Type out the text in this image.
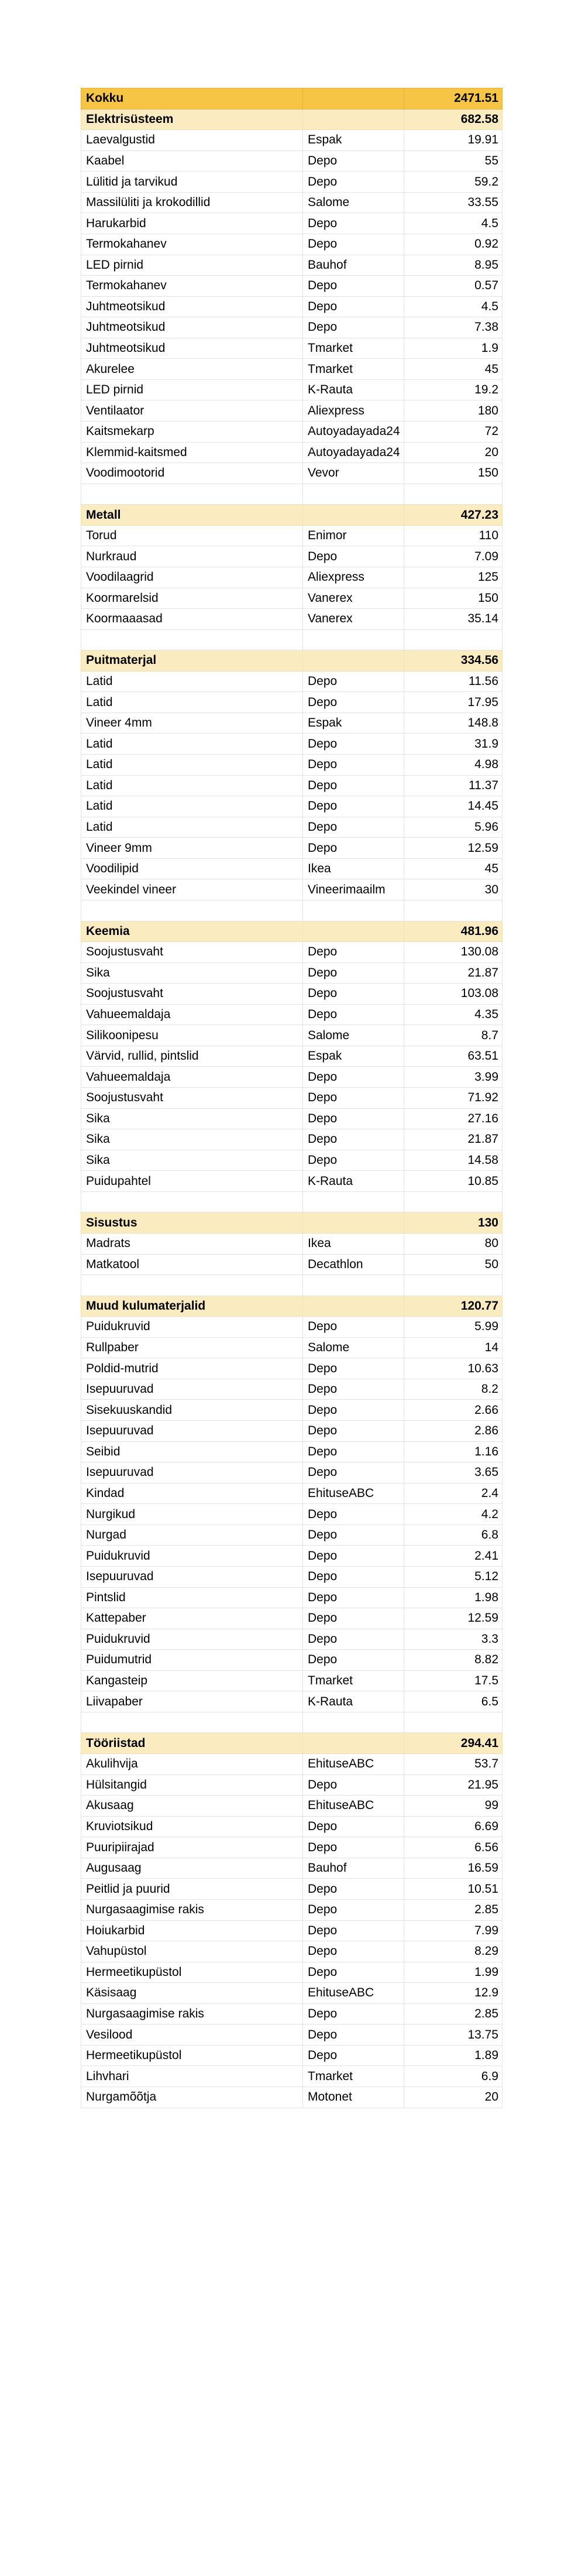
Kokku		2471.51
Elektrisüsteem		682.58
Laevalgustid	Espak	19.91
Kaabel	Depo	55
Lülitid ja tarvikud	Depo	59.2
Massilüliti ja krokodillid	Salome	33.55
Harukarbid	Depo	4.5
Termokahanev	Depo	0.92
LED pirnid	Bauhof	8.95
Termokahanev	Depo	0.57
Juhtmeotsikud	Depo	4.5
Juhtmeotsikud	Depo	7.38
Juhtmeotsikud	Tmarket	1.9
Akurelee	Tmarket	45
LED pirnid	K-Rauta	19.2
Ventilaator	Aliexpress	180
Kaitsmekarp	Autoyadayada24	72
Klemmid-kaitsmed	Autoyadayada24	20
Voodimootorid	Vevor	150

Metall		427.23
Torud	Enimor	110
Nurkraud	Depo	7.09
Voodilaagrid	Aliexpress	125
Koormarelsid	Vanerex	150
Koormaaasad	Vanerex	35.14

Puitmaterjal		334.56
Latid	Depo	11.56
Latid	Depo	17.95
Vineer 4mm	Espak	148.8
Latid	Depo	31.9
Latid	Depo	4.98
Latid	Depo	11.37
Latid	Depo	14.45
Latid	Depo	5.96
Vineer 9mm	Depo	12.59
Voodilipid	Ikea	45
Veekindel vineer	Vineerimaailm	30

Keemia		481.96
Soojustusvaht	Depo	130.08
Sika	Depo	21.87
Soojustusvaht	Depo	103.08
Vahueemaldaja	Depo	4.35
Silikoonipesu	Salome	8.7
Värvid, rullid, pintslid	Espak	63.51
Vahueemaldaja	Depo	3.99
Soojustusvaht	Depo	71.92
Sika	Depo	27.16
Sika	Depo	21.87
Sika	Depo	14.58
Puidupahtel	K-Rauta	10.85

Sisustus		130
Madrats	Ikea	80
Matkatool	Decathlon	50

Muud kulumaterjalid		120.77
Puidukruvid	Depo	5.99
Rullpaber	Salome	14
Poldid-mutrid	Depo	10.63
Isepuuruvad	Depo	8.2
Sisekuuskandid	Depo	2.66
Isepuuruvad	Depo	2.86
Seibid	Depo	1.16
Isepuuruvad	Depo	3.65
Kindad	EhituseABC	2.4
Nurgikud	Depo	4.2
Nurgad	Depo	6.8
Puidukruvid	Depo	2.41
Isepuuruvad	Depo	5.12
Pintslid	Depo	1.98
Kattepaber	Depo	12.59
Puidukruvid	Depo	3.3
Puidumutrid	Depo	8.82
Kangasteip	Tmarket	17.5
Liivapaber	K-Rauta	6.5

Tööriistad		294.41
Akulihvija	EhituseABC	53.7
Hülsitangid	Depo	21.95
Akusaag	EhituseABC	99
Kruviotsikud	Depo	6.69
Puuripiirajad	Depo	6.56
Augusaag	Bauhof	16.59
Peitlid ja puurid	Depo	10.51
Nurgasaagimise rakis	Depo	2.85
Hoiukarbid	Depo	7.99
Vahupüstol	Depo	8.29
Hermeetikupüstol	Depo	1.99
Käsisaag	EhituseABC	12.9
Nurgasaagimise rakis	Depo	2.85
Vesilood	Depo	13.75
Hermeetikupüstol	Depo	1.89
Lihvhari	Tmarket	6.9
Nurgamõõtja	Motonet	20
